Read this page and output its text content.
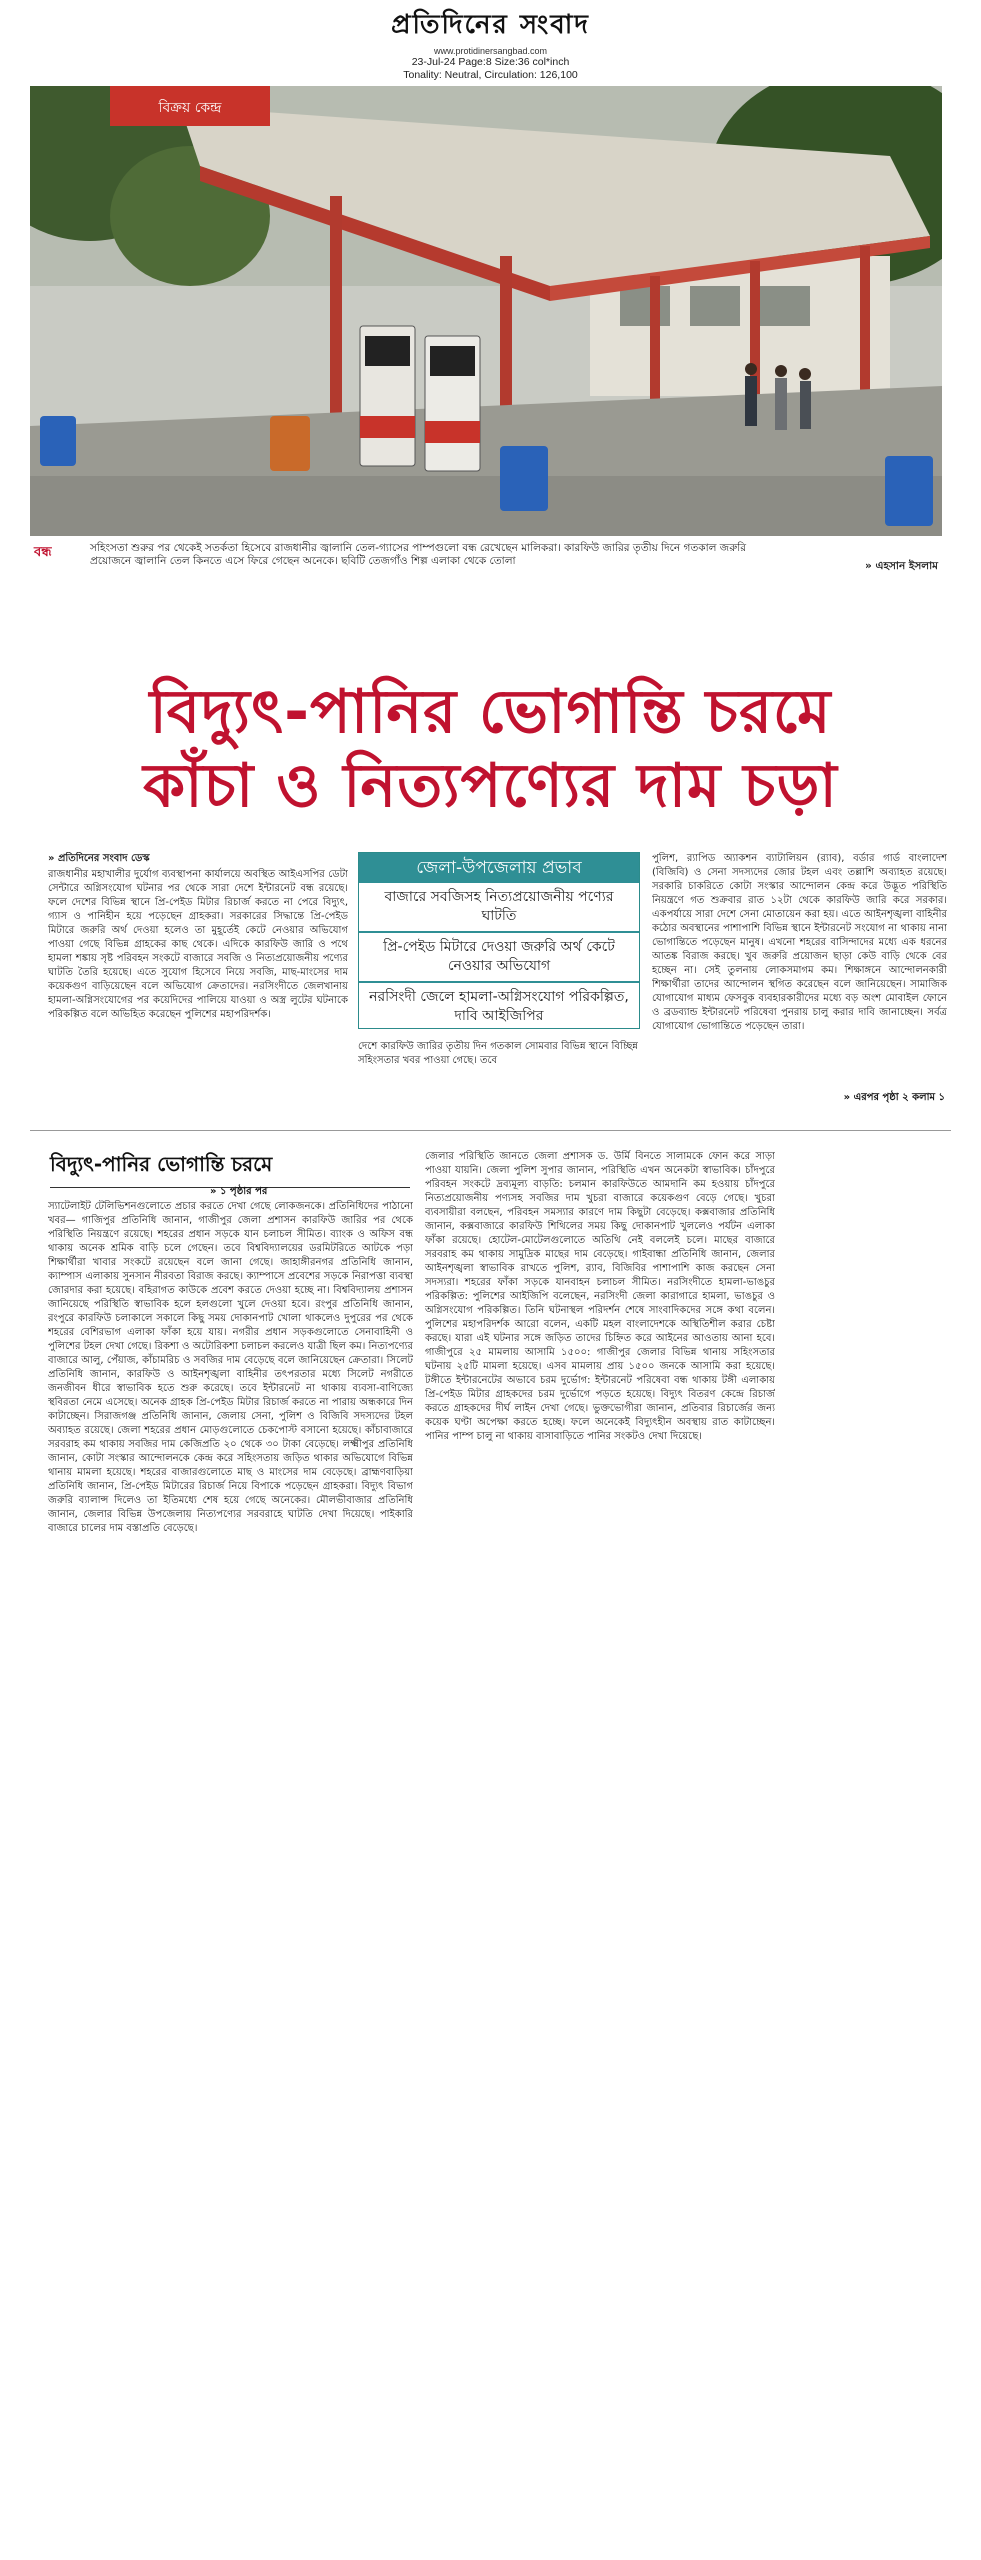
প্রতিদিনের সংবাদ
www.protidinersangbad.com
23-Jul-24 Page:8 Size:36 col*inch
Tonality: Neutral, Circulation: 126,100
বিক্রয় কেন্দ্র
বন্ধ	সহিংসতা শুরুর পর থেকেই সতর্কতা হিসেবে রাজধানীর জ্বালানি তেল-গ্যাসের পাম্পগুলো বন্ধ রেখেছেন মালিকরা। কারফিউ জারির তৃতীয় দিনে গতকাল জরুরি প্রয়োজনে জ্বালানি তেল কিনতে এসে ফিরে গেছেন অনেকে। ছবিটি তেজগাঁও শিল্প এলাকা থেকে তোলা	» এহসান ইসলাম
বিদ্যুৎ-পানির ভোগান্তি চরমে
কাঁচা ও নিত্যপণ্যের দাম চড়া

» প্রতিদিনের সংবাদ ডেস্ক

রাজধানীর মহাখালীর দুর্যোগ ব্যবস্থাপনা কার্যালয়ে অবস্থিত আইএসপির ডেটা সেন্টারে অগ্নিসংযোগ ঘটনার পর থেকে সারা দেশে ইন্টারনেট বন্ধ রয়েছে। ফলে দেশের বিভিন্ন স্থানে প্রি-পেইড মিটার রিচার্জ করতে না পেরে বিদ্যুৎ, গ্যাস ও পানিহীন হয়ে পড়েছেন গ্রাহকরা। সরকারের সিদ্ধান্তে প্রি-পেইড মিটারে জরুরি অর্থ দেওয়া হলেও তা মুহূর্তেই কেটে নেওয়ার অভিযোগ পাওয়া গেছে বিভিন্ন গ্রাহকের কাছ থেকে। এদিকে কারফিউ জারি ও পথে হামলা শঙ্কায় সৃষ্ট পরিবহন সংকটে বাজারে সবজি ও নিত্যপ্রয়োজনীয় পণ্যের ঘাটতি তৈরি হয়েছে। এতে সুযোগ হিসেবে নিয়ে সবজি, মাছ-মাংসের দাম কয়েকগুণ বাড়িয়েছেন বলে অভিযোগ ক্রেতাদের। নরসিংদীতে জেলখানায় হামলা-অগ্নিসংযোগের পর কয়েদিদের পালিয়ে যাওয়া ও অস্ত্র লুটের ঘটনাকে পরিকল্পিত বলে অভিহিত করেছেন পুলিশের মহাপরিদর্শক।

জেলা-উপজেলায় প্রভাব
বাজারে সবজিসহ নিত্যপ্রয়োজনীয় পণ্যের ঘাটতি
প্রি-পেইড মিটারে দেওয়া জরুরি অর্থ কেটে নেওয়ার অভিযোগ
নরসিংদী জেলে হামলা-অগ্নিসংযোগ পরিকল্পিত, দাবি আইজিপির

দেশে কারফিউ জারির তৃতীয় দিন গতকাল সোমবার বিভিন্ন স্থানে বিচ্ছিন্ন সহিংসতার খবর পাওয়া গেছে। তবে

পুলিশ, র‍্যাপিড অ্যাকশন ব্যাটালিয়ন (র‍্যাব), বর্ডার গার্ড বাংলাদেশ (বিজিবি) ও সেনা সদস্যদের জোর টহল এবং তল্লাশি অব্যাহত রয়েছে। সরকারি চাকরিতে কোটা সংস্কার আন্দোলন কেন্দ্র করে উদ্ভূত পরিস্থিতি নিয়ন্ত্রণে গত শুক্রবার রাত ১২টা থেকে কারফিউ জারি করে সরকার। একপর্যায়ে সারা দেশে সেনা মোতায়েন করা হয়। এতে আইনশৃঙ্খলা বাহিনীর কঠোর অবস্থানের পাশাপাশি বিভিন্ন স্থানে ইন্টারনেট সংযোগ না থাকায় নানা ভোগান্তিতে পড়েছেন মানুষ। এখনো শহরের বাসিন্দাদের মধ্যে এক ধরনের আতঙ্ক বিরাজ করছে। খুব জরুরি প্রয়োজন ছাড়া কেউ বাড়ি থেকে বের হচ্ছেন না। সেই তুলনায় লোকসমাগম কম। শিক্ষাঙ্গনে আন্দোলনকারী শিক্ষার্থীরা তাদের আন্দোলন স্থগিত করেছেন বলে জানিয়েছেন। সামাজিক যোগাযোগ মাধ্যম ফেসবুক ব্যবহারকারীদের মধ্যে বড় অংশ মোবাইল ফোনে ও ব্রডব্যান্ড ইন্টারনেট পরিষেবা পুনরায় চালু করার দাবি জানাচ্ছেন। সর্বত্র যোগাযোগ ভোগান্তিতে পড়েছেন তারা।

» এরপর পৃষ্ঠা ২ কলাম ১
বিদ্যুৎ-পানির ভোগান্তি চরমে
» ১ পৃষ্ঠার পর

স্যাটেলাইট টেলিভিশনগুলোতে প্রচার করতে দেখা গেছে লোকজনকে। প্রতিনিধিদের পাঠানো খবর— গাজিপুর প্রতিনিধি জানান, গাজীপুর জেলা প্রশাসন কারফিউ জারির পর থেকে পরিস্থিতি নিয়ন্ত্রণে রয়েছে। শহরের প্রধান সড়কে যান চলাচল সীমিত। ব্যাংক ও অফিস বন্ধ থাকায় অনেক শ্রমিক বাড়ি চলে গেছেন। তবে বিশ্ববিদ্যালয়ের ডরমিটরিতে আটকে পড়া শিক্ষার্থীরা খাবার সংকটে রয়েছেন বলে জানা গেছে। জাহাঙ্গীরনগর প্রতিনিধি জানান, ক্যাম্পাস এলাকায় সুনসান নীরবতা বিরাজ করছে। ক্যাম্পাসে প্রবেশের সড়কে নিরাপত্তা ব্যবস্থা জোরদার করা হয়েছে। বহিরাগত কাউকে প্রবেশ করতে দেওয়া হচ্ছে না। বিশ্ববিদ্যালয় প্রশাসন জানিয়েছে পরিস্থিতি স্বাভাবিক হলে হলগুলো খুলে দেওয়া হবে। রংপুর প্রতিনিধি জানান, রংপুরে কারফিউ চলাকালে সকালে কিছু সময় দোকানপাট খোলা থাকলেও দুপুরের পর থেকে শহরের বেশিরভাগ এলাকা ফাঁকা হয়ে যায়। নগরীর প্রধান সড়কগুলোতে সেনাবাহিনী ও পুলিশের টহল দেখা গেছে। রিকশা ও অটোরিকশা চলাচল করলেও যাত্রী ছিল কম। নিত্যপণ্যের বাজারে আলু, পেঁয়াজ, কাঁচামরিচ ও সবজির দাম বেড়েছে বলে জানিয়েছেন ক্রেতারা। সিলেট প্রতিনিধি জানান, কারফিউ ও আইনশৃঙ্খলা বাহিনীর তৎপরতার মধ্যে সিলেট নগরীতে জনজীবন ধীরে স্বাভাবিক হতে শুরু করেছে। তবে ইন্টারনেট না থাকায় ব্যবসা-বাণিজ্যে স্থবিরতা নেমে এসেছে। অনেক গ্রাহক প্রি-পেইড মিটার রিচার্জ করতে না পারায় অন্ধকারে দিন কাটাচ্ছেন। সিরাজগঞ্জ প্রতিনিধি জানান, জেলায় সেনা, পুলিশ ও বিজিবি সদস্যদের টহল অব্যাহত রয়েছে। জেলা শহরের প্রধান মোড়গুলোতে চেকপোস্ট বসানো হয়েছে। কাঁচাবাজারে সরবরাহ কম থাকায় সবজির দাম কেজিপ্রতি ২০ থেকে ৩০ টাকা বেড়েছে। লক্ষ্মীপুর প্রতিনিধি জানান, কোটা সংস্কার আন্দোলনকে কেন্দ্র করে সহিংসতায় জড়িত থাকার অভিযোগে বিভিন্ন থানায় মামলা হয়েছে। শহরের বাজারগুলোতে মাছ ও মাংসের দাম বেড়েছে। ব্রাহ্মণবাড়িয়া প্রতিনিধি জানান, প্রি-পেইড মিটারের রিচার্জ নিয়ে বিপাকে পড়েছেন গ্রাহকরা। বিদ্যুৎ বিভাগ জরুরি ব্যালান্স দিলেও তা ইতিমধ্যে শেষ হয়ে গেছে অনেকের। মৌলভীবাজার প্রতিনিধি জানান, জেলার বিভিন্ন উপজেলায় নিত্যপণ্যের সরবরাহে ঘাটতি দেখা দিয়েছে। পাইকারি বাজারে চালের দাম বস্তাপ্রতি বেড়েছে।

জেলার পরিস্থিতি জানতে জেলা প্রশাসক ড. উর্মি বিনতে সালামকে ফোন করে সাড়া পাওয়া যায়নি। জেলা পুলিশ সুপার জানান, পরিস্থিতি এখন অনেকটা স্বাভাবিক। চাঁদপুরে পরিবহন সংকটে দ্রব্যমূল্য বাড়তি: চলমান কারফিউতে আমদানি কম হওয়ায় চাঁদপুরে নিত্যপ্রয়োজনীয় পণ্যসহ সবজির দাম খুচরা বাজারে কয়েকগুণ বেড়ে গেছে। খুচরা ব্যবসায়ীরা বলছেন, পরিবহন সমস্যার কারণে দাম কিছুটা বেড়েছে। কক্সবাজার প্রতিনিধি জানান, কক্সবাজারে কারফিউ শিথিলের সময় কিছু দোকানপাট খুললেও পর্যটন এলাকা ফাঁকা রয়েছে। হোটেল-মোটেলগুলোতে অতিথি নেই বললেই চলে। মাছের বাজারে সরবরাহ কম থাকায় সামুদ্রিক মাছের দাম বেড়েছে। গাইবান্ধা প্রতিনিধি জানান, জেলার আইনশৃঙ্খলা স্বাভাবিক রাখতে পুলিশ, র‍্যাব, বিজিবির পাশাপাশি কাজ করছেন সেনা সদস্যরা। শহরের ফাঁকা সড়কে যানবাহন চলাচল সীমিত। নরসিংদীতে হামলা-ভাঙচুর পরিকল্পিত: পুলিশের আইজিপি বলেছেন, নরসিংদী জেলা কারাগারে হামলা, ভাঙচুর ও অগ্নিসংযোগ পরিকল্পিত। তিনি ঘটনাস্থল পরিদর্শন শেষে সাংবাদিকদের সঙ্গে কথা বলেন। পুলিশের মহাপরিদর্শক আরো বলেন, একটি মহল বাংলাদেশকে অস্থিতিশীল করার চেষ্টা করছে। যারা এই ঘটনার সঙ্গে জড়িত তাদের চিহ্নিত করে আইনের আওতায় আনা হবে। গাজীপুরে ২৫ মামলায় আসামি ১৫০০: গাজীপুর জেলার বিভিন্ন থানায় সহিংসতার ঘটনায় ২৫টি মামলা হয়েছে। এসব মামলায় প্রায় ১৫০০ জনকে আসামি করা হয়েছে। টঙ্গীতে ইন্টারনেটের অভাবে চরম দুর্ভোগ: ইন্টারনেট পরিষেবা বন্ধ থাকায় টঙ্গী এলাকায় প্রি-পেইড মিটার গ্রাহকদের চরম দুর্ভোগে পড়তে হয়েছে। বিদ্যুৎ বিতরণ কেন্দ্রে রিচার্জ করতে গ্রাহকদের দীর্ঘ লাইন দেখা গেছে। ভুক্তভোগীরা জানান, প্রতিবার রিচার্জের জন্য কয়েক ঘণ্টা অপেক্ষা করতে হচ্ছে। ফলে অনেকেই বিদ্যুৎহীন অবস্থায় রাত কাটাচ্ছেন। পানির পাম্প চালু না থাকায় বাসাবাড়িতে পানির সংকটও দেখা দিয়েছে।
